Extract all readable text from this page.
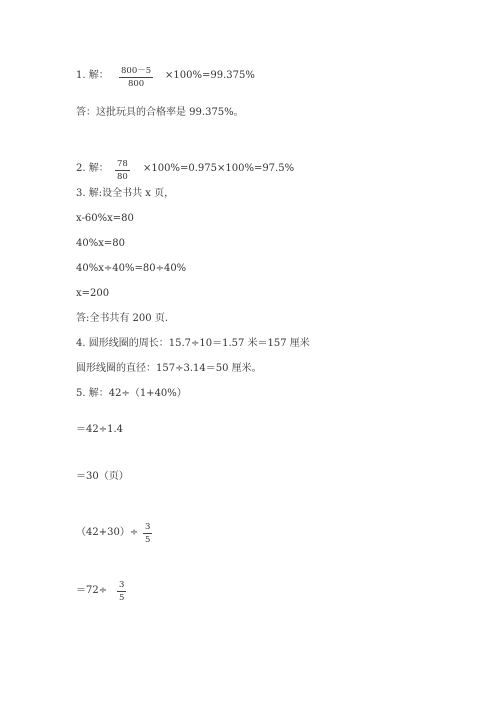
1. 解： $\frac{800-5}{800} \times 100\%=99.375\%$
答：这批玩具的合格率是 99.375%。
2. 解： $\frac{78}{80} \times 100\%=0.975\times 100\%=97.5\%$
3. 解:设全书共 x 页，
x-60%x=80
40%x=80
40%x÷40%=80÷40%
x=200
答:全书共有 200 页.
4. 圆形线圈的周长：15.7÷10＝1.57 米＝157 厘米
圆形线圈的直径：157÷3.14＝50 厘米。
5. 解：42÷（1+40%）
＝42÷1.4
＝30（页）
$(42+30)\div \frac{3}{5}$
$=72\div \frac{3}{5}$
